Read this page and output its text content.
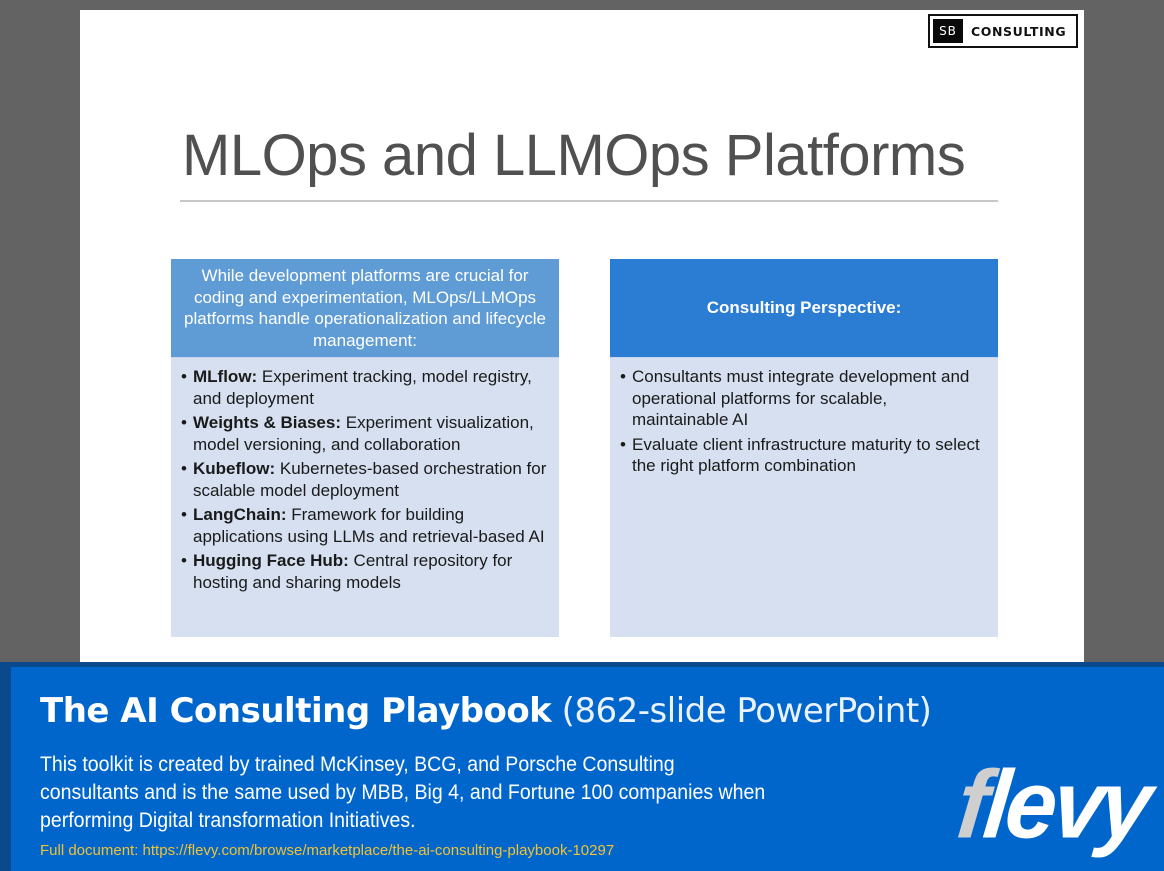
SB	CONSULTING
MLOps and LLMOps Platforms
While development platforms are crucial for coding and experimentation, MLOps/LLMOps platforms handle operationalization and lifecycle management:
• MLflow: Experiment tracking, model registry, and deployment
• Weights & Biases: Experiment visualization, model versioning, and collaboration
• Kubeflow: Kubernetes-based orchestration for scalable model deployment
• LangChain: Framework for building applications using LLMs and retrieval-based AI
• Hugging Face Hub: Central repository for hosting and sharing models
Consulting Perspective:
• Consultants must integrate development and operational platforms for scalable, maintainable AI
• Evaluate client infrastructure maturity to select the right platform combination
The AI Consulting Playbook (862-slide PowerPoint)
This toolkit is created by trained McKinsey, BCG, and Porsche Consulting consultants and is the same used by MBB, Big 4, and Fortune 100 companies when performing Digital transformation Initiatives.
Full document: https://flevy.com/browse/marketplace/the-ai-consulting-playbook-10297	flevy
